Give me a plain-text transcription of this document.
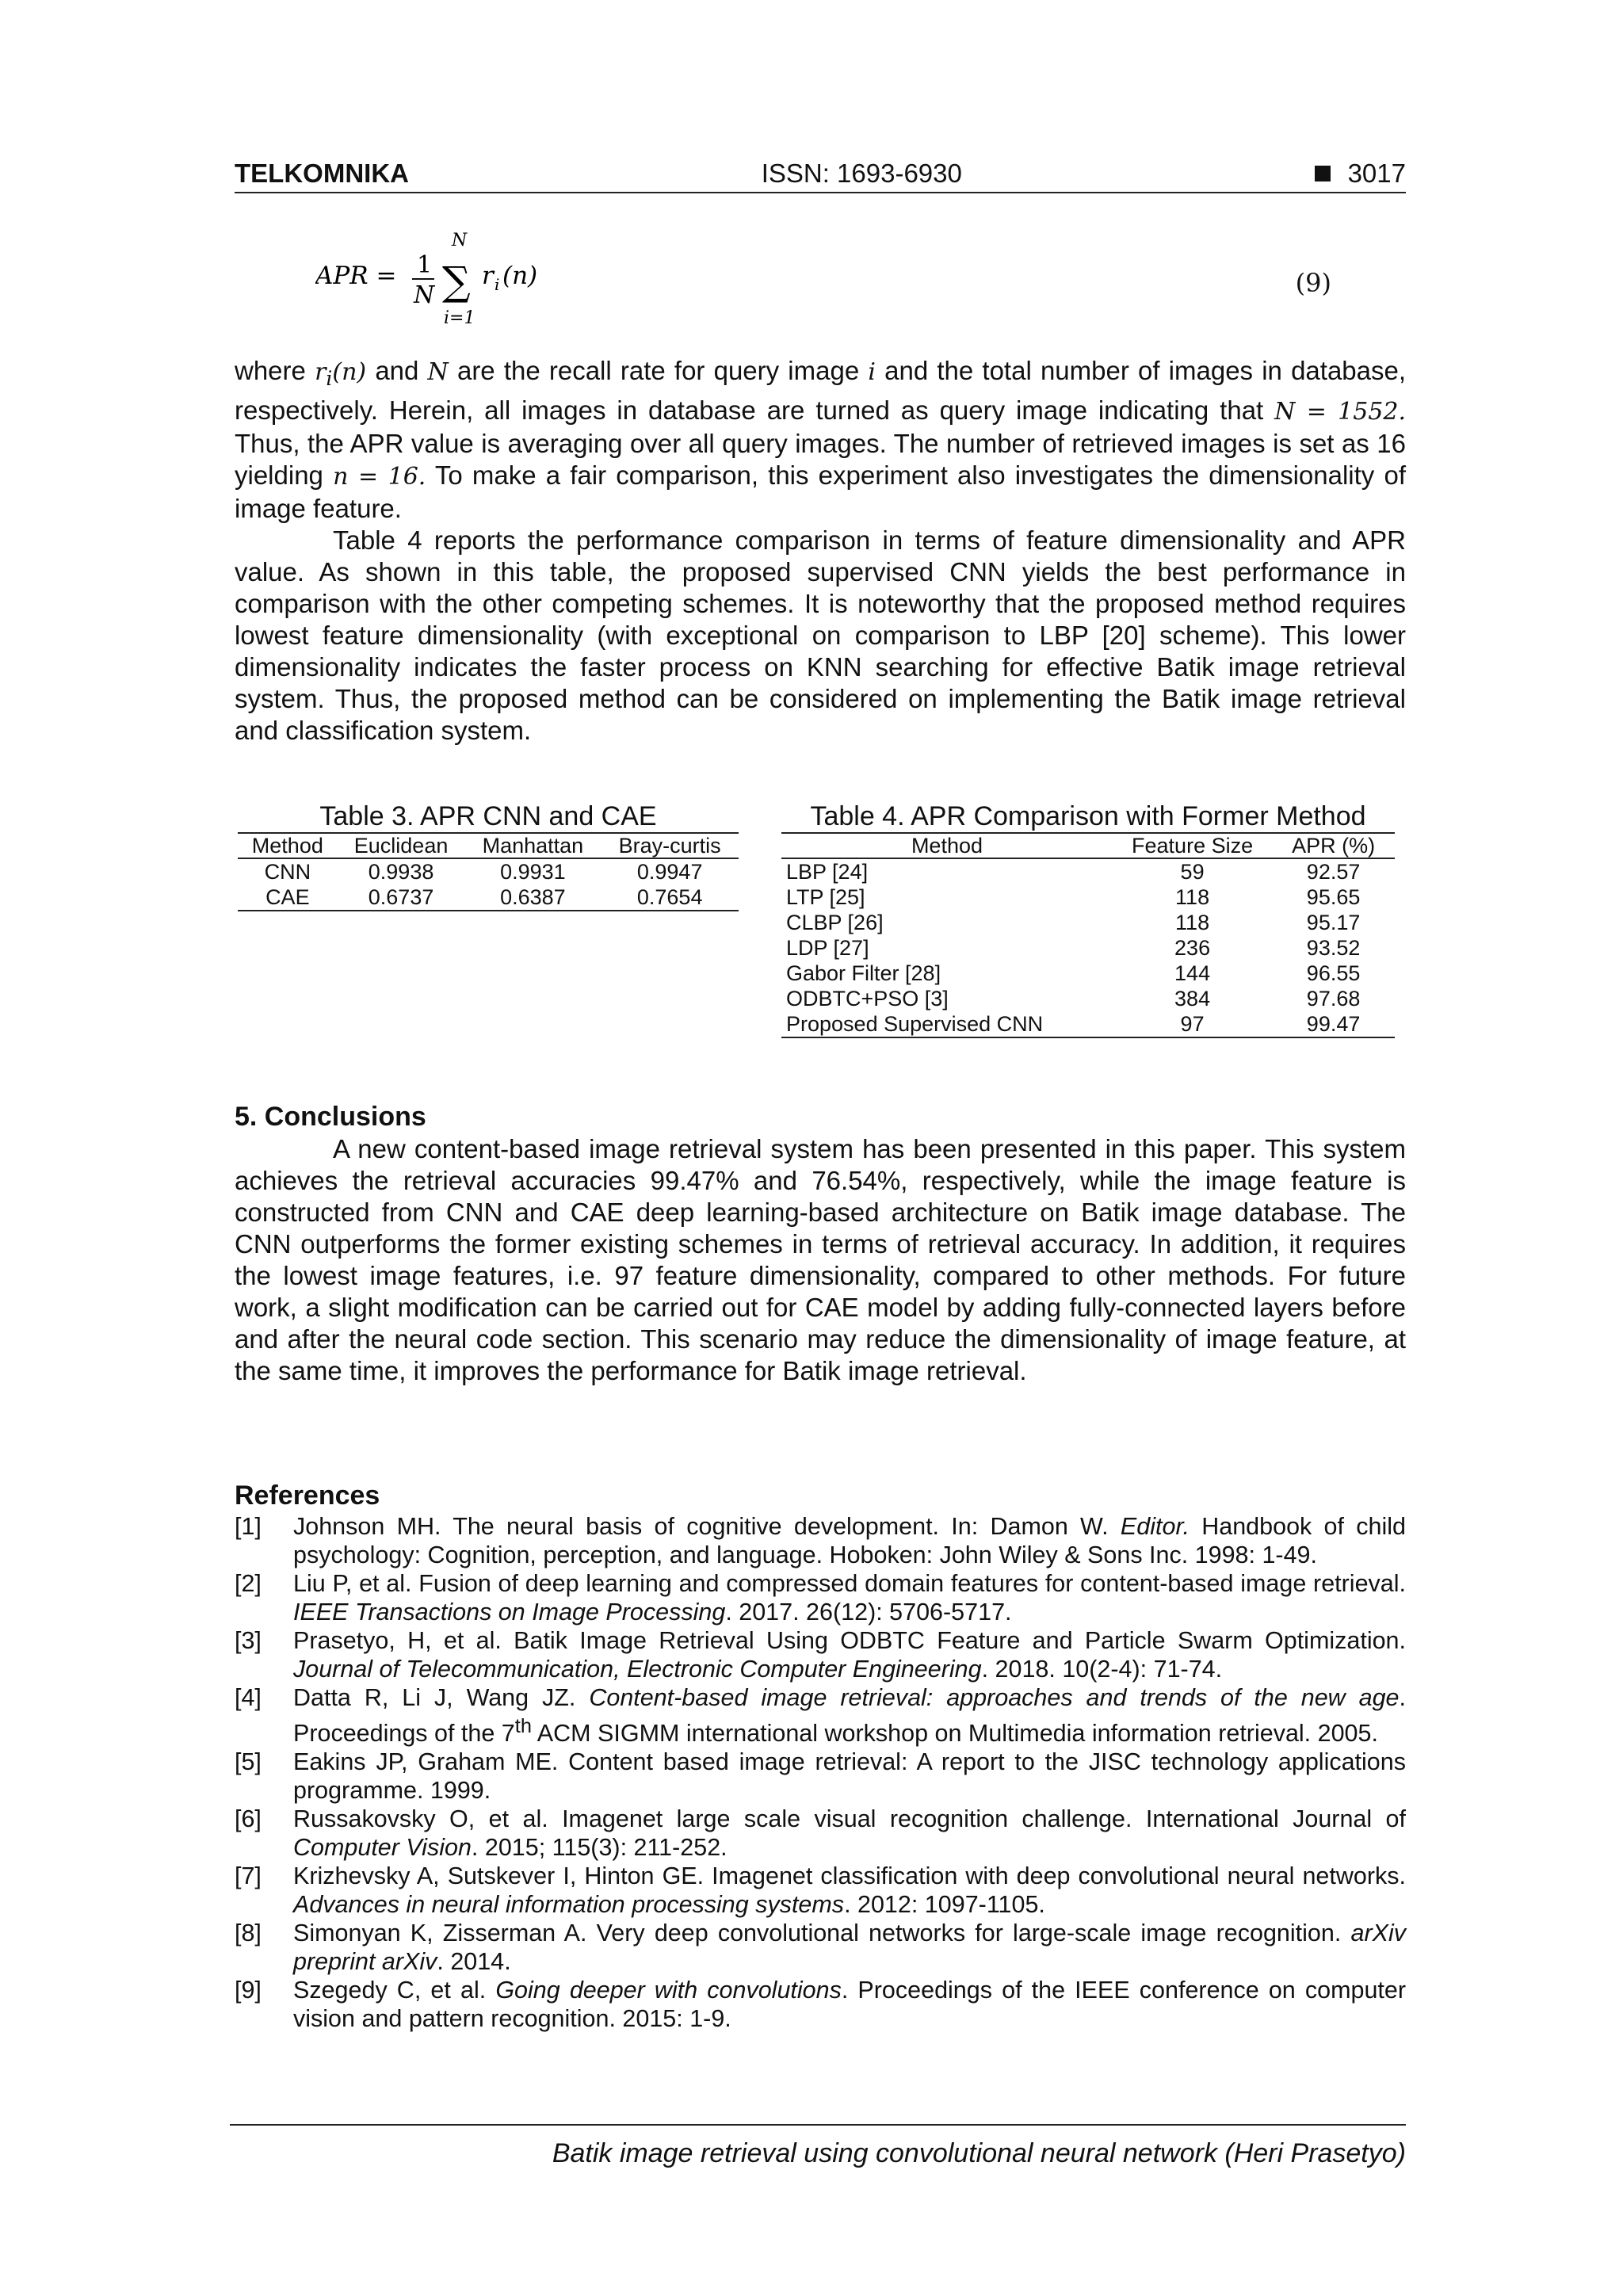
TELKOMNIKA	ISSN: 1693-6930	3017
APR = 1
N
N
∑
i=1
r i (n)	(9)

where $r_i(n)$ and N are the recall rate for query image i and the total number of images in database, respectively. Herein, all images in database are turned as query image indicating that N = 1552. Thus, the APR value is averaging over all query images. The number of retrieved images is set as 16 yielding n = 16. To make a fair comparison, this experiment also investigates the dimensionality of image feature.

Table 4 reports the performance comparison in terms of feature dimensionality and APR value. As shown in this table, the proposed supervised CNN yields the best performance in comparison with the other competing schemes. It is noteworthy that the proposed method requires lowest feature dimensionality (with exceptional on comparison to LBP [20] scheme). This lower dimensionality indicates the faster process on KNN searching for effective Batik image retrieval system. Thus, the proposed method can be considered on implementing the Batik image retrieval and classification system.

Table 3. APR CNN and CAE
Method	Euclidean	Manhattan	Bray-curtis
CNN	0.9938	0.9931	0.9947
CAE	0.6737	0.6387	0.7654
Table 4. APR Comparison with Former Method
Method	Feature Size	APR (%)
LBP [24]	59	92.57
LTP [25]	118	95.65
CLBP [26]	118	95.17
LDP [27]	236	93.52
Gabor Filter [28]	144	96.55
ODBTC+PSO [3]	384	97.68
Proposed Supervised CNN	97	99.47
5. Conclusions

A new content-based image retrieval system has been presented in this paper. This system achieves the retrieval accuracies 99.47% and 76.54%, respectively, while the image feature is constructed from CNN and CAE deep learning-based architecture on Batik image database. The CNN outperforms the former existing schemes in terms of retrieval accuracy. In addition, it requires the lowest image features, i.e. 97 feature dimensionality, compared to other methods. For future work, a slight modification can be carried out for CAE model by adding fully-connected layers before and after the neural code section. This scenario may reduce the dimensionality of image feature, at the same time, it improves the performance for Batik image retrieval.

References
[1]	Johnson MH. The neural basis of cognitive development. In: Damon W. Editor. Handbook of child psychology: Cognition, perception, and language. Hoboken: John Wiley & Sons Inc. 1998: 1-49.
[2]	Liu P, et al. Fusion of deep learning and compressed domain features for content-based image retrieval. IEEE Transactions on Image Processing. 2017. 26(12): 5706-5717.
[3]	Prasetyo, H, et al. Batik Image Retrieval Using ODBTC Feature and Particle Swarm Optimization. Journal of Telecommunication, Electronic Computer Engineering. 2018. 10(2-4): 71-74.
[4]	Datta R, Li J, Wang JZ. Content-based image retrieval: approaches and trends of the new age. Proceedings of the 7th ACM SIGMM international workshop on Multimedia information retrieval. 2005.
[5]	Eakins JP, Graham ME. Content based image retrieval: A report to the JISC technology applications programme. 1999.
[6]	Russakovsky O, et al. Imagenet large scale visual recognition challenge. International Journal of Computer Vision. 2015; 115(3): 211-252.
[7]	Krizhevsky A, Sutskever I, Hinton GE. Imagenet classification with deep convolutional neural networks. Advances in neural information processing systems. 2012: 1097-1105.
[8]	Simonyan K, Zisserman A. Very deep convolutional networks for large-scale image recognition. arXiv preprint arXiv. 2014.
[9]	Szegedy C, et al. Going deeper with convolutions. Proceedings of the IEEE conference on computer vision and pattern recognition. 2015: 1-9.
Batik image retrieval using convolutional neural network (Heri Prasetyo)
